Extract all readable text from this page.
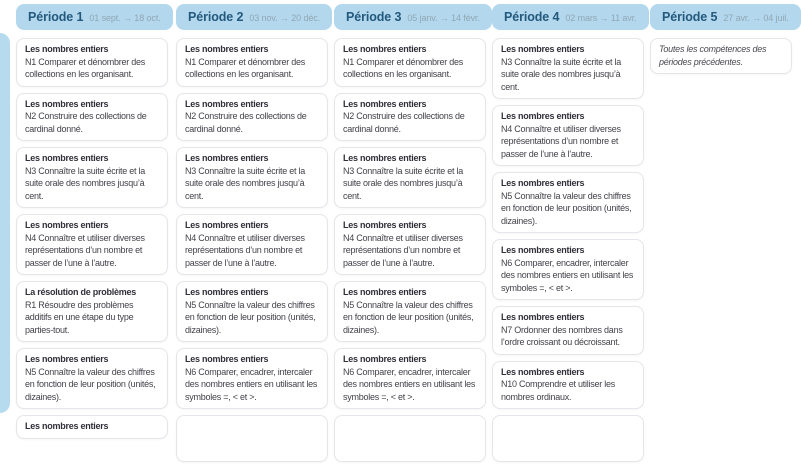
Période 1 01 sept. → 18 oct.
Les nombres entiers
N1 Comparer et dénombrer des collections en les organisant.
Les nombres entiers
N2 Construire des collections de cardinal donné.
Les nombres entiers
N3 Connaître la suite écrite et la suite orale des nombres jusqu’à cent.
Les nombres entiers
N4 Connaître et utiliser diverses représentations d’un nombre et passer de l’une à l’autre.
La résolution de problèmes
R1 Résoudre des problèmes additifs en une étape du type parties-tout.
Les nombres entiers
N5 Connaître la valeur des chiffres en fonction de leur position (unités, dizaines).
Les nombres entiers
Période 2 03 nov. → 20 déc.
Les nombres entiers
N1 Comparer et dénombrer des collections en les organisant.
Les nombres entiers
N2 Construire des collections de cardinal donné.
Les nombres entiers
N3 Connaître la suite écrite et la suite orale des nombres jusqu’à cent.
Les nombres entiers
N4 Connaître et utiliser diverses représentations d’un nombre et passer de l’une à l’autre.
Les nombres entiers
N5 Connaître la valeur des chiffres en fonction de leur position (unités, dizaines).
Les nombres entiers
N6 Comparer, encadrer, intercaler des nombres entiers en utilisant les symboles =, < et >.
Période 3 05 janv. → 14 févr.
Les nombres entiers
N1 Comparer et dénombrer des collections en les organisant.
Les nombres entiers
N2 Construire des collections de cardinal donné.
Les nombres entiers
N3 Connaître la suite écrite et la suite orale des nombres jusqu’à cent.
Les nombres entiers
N4 Connaître et utiliser diverses représentations d’un nombre et passer de l’une à l’autre.
Les nombres entiers
N5 Connaître la valeur des chiffres en fonction de leur position (unités, dizaines).
Les nombres entiers
N6 Comparer, encadrer, intercaler des nombres entiers en utilisant les symboles =, < et >.
Période 4 02 mars → 11 avr.
Les nombres entiers
N3 Connaître la suite écrite et la suite orale des nombres jusqu’à cent.
Les nombres entiers
N4 Connaître et utiliser diverses représentations d’un nombre et passer de l’une à l’autre.
Les nombres entiers
N5 Connaître la valeur des chiffres en fonction de leur position (unités, dizaines).
Les nombres entiers
N6 Comparer, encadrer, intercaler des nombres entiers en utilisant les symboles =, < et >.
Les nombres entiers
N7 Ordonner des nombres dans l’ordre croissant ou décroissant.
Les nombres entiers
N10 Comprendre et utiliser les nombres ordinaux.
Période 5 27 avr. → 04 juil.
Toutes les compétences des périodes précédentes.
